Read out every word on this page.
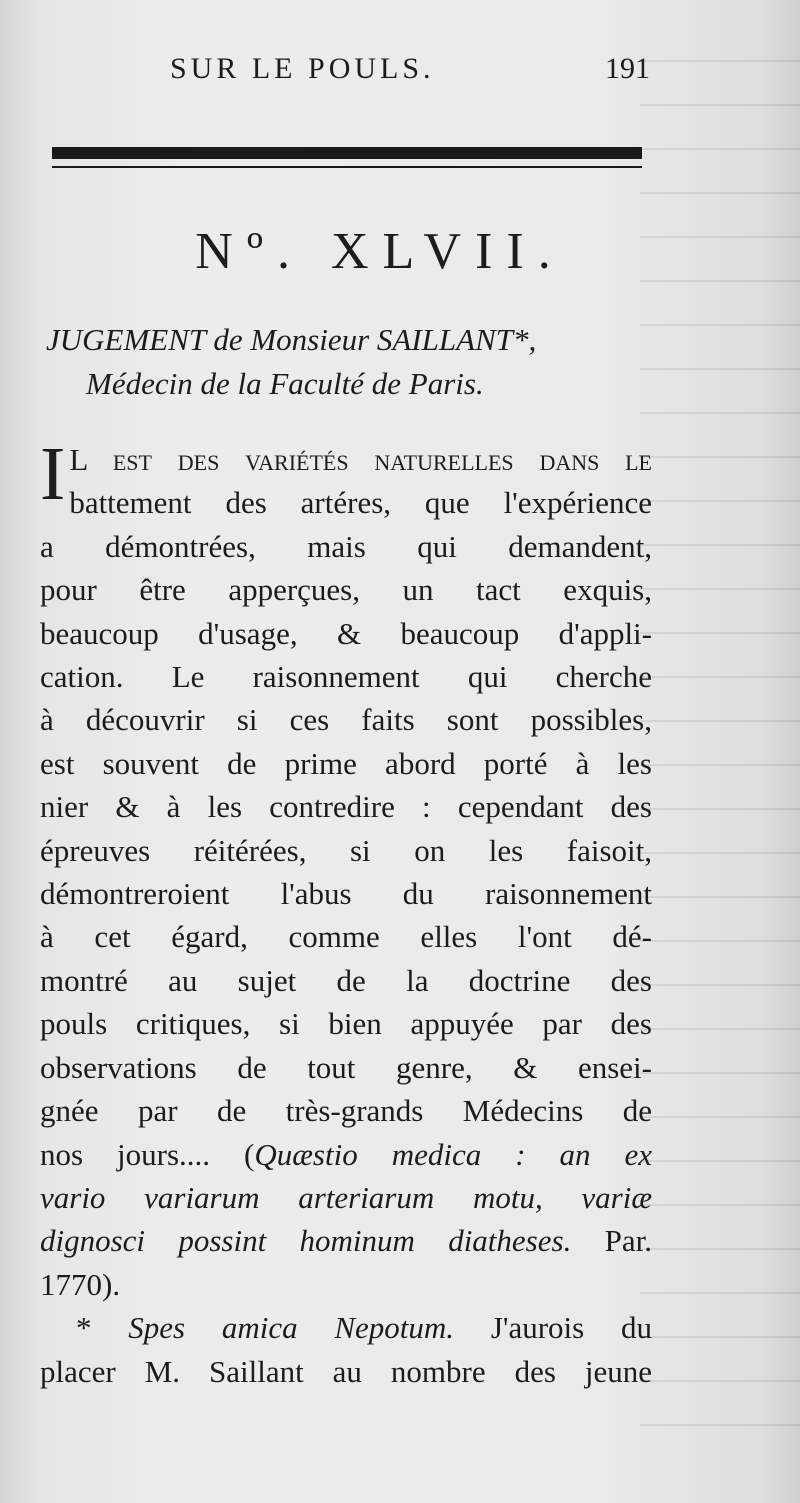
SUR LE POULS.	191
Nº. XLVII.
JUGEMENT de Monsieur SAILLANT*,
Médecin de la Faculté de Paris.
I L est des variétés naturelles dans le
battement des artéres, que l'expérience
a démontrées, mais qui demandent,
pour être apperçues, un tact exquis,
beaucoup d'usage, & beaucoup d'appli-
cation. Le raisonnement qui cherche
à découvrir si ces faits sont possibles,
est souvent de prime abord porté à les
nier & à les contredire : cependant des
épreuves réitérées, si on les faisoit,
démontreroient l'abus du raisonnement
à cet égard, comme elles l'ont dé-
montré au sujet de la doctrine des
pouls critiques, si bien appuyée par des
observations de tout genre, & ensei-
gnée par de très-grands Médecins de
nos jours.... (Quæstio medica : an ex
vario variarum arteriarum motu, variæ
dignosci possint hominum diatheses. Par.
1770).
* Spes amica Nepotum. J'aurois du
placer M. Saillant au nombre des jeune
